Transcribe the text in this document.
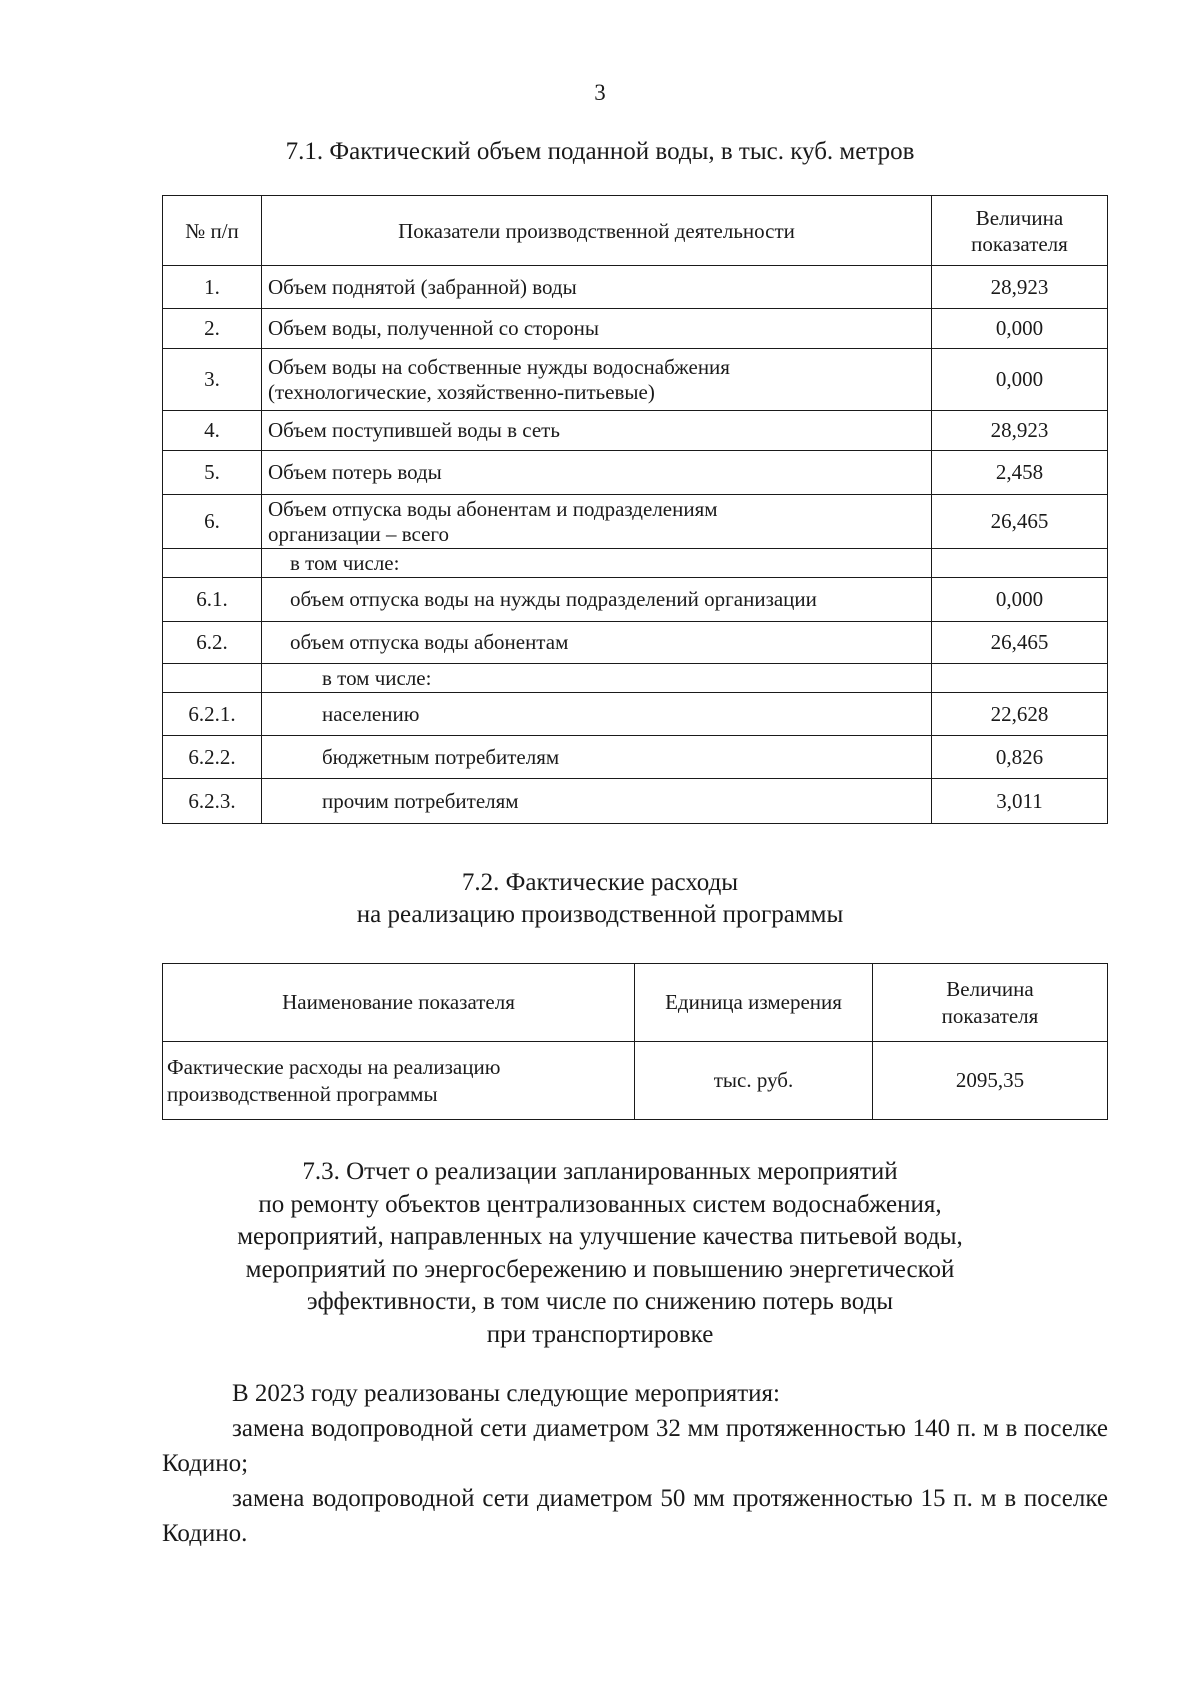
3
7.1. Фактический объем поданной воды, в тыс. куб. метров
№ п/п	Показатели производственной деятельности	Величина
показателя
1.	Объем поднятой (забранной) воды	28,923
2.	Объем воды, полученной со стороны	0,000
3.	Объем воды на собственные нужды водоснабжения
(технологические, хозяйственно-питьевые)	0,000
4.	Объем поступившей воды в сеть	28,923
5.	Объем потерь воды	2,458
6.	Объем отпуска воды абонентам и подразделениям
организации – всего	26,465
	в том числе:	
6.1.	объем отпуска воды на нужды подразделений организации	0,000
6.2.	объем отпуска воды абонентам	26,465
	в том числе:	
6.2.1.	населению	22,628
6.2.2.	бюджетным потребителям	0,826
6.2.3.	прочим потребителям	3,011
7.2. Фактические расходы
на реализацию производственной программы
Наименование показателя	Единица измерения	Величина
показателя
Фактические расходы на реализацию
производственной программы	тыс. руб.	2095,35
7.3. Отчет о реализации запланированных мероприятий
по ремонту объектов централизованных систем водоснабжения,
мероприятий, направленных на улучшение качества питьевой воды,
мероприятий по энергосбережению и повышению энергетической
эффективности, в том числе по снижению потерь воды
при транспортировке
В 2023 году реализованы следующие мероприятия:
замена водопроводной сети диаметром 32 мм протяженностью 140 п. м в поселке Кодино;
замена водопроводной сети диаметром 50 мм протяженностью 15 п. м в поселке Кодино.
